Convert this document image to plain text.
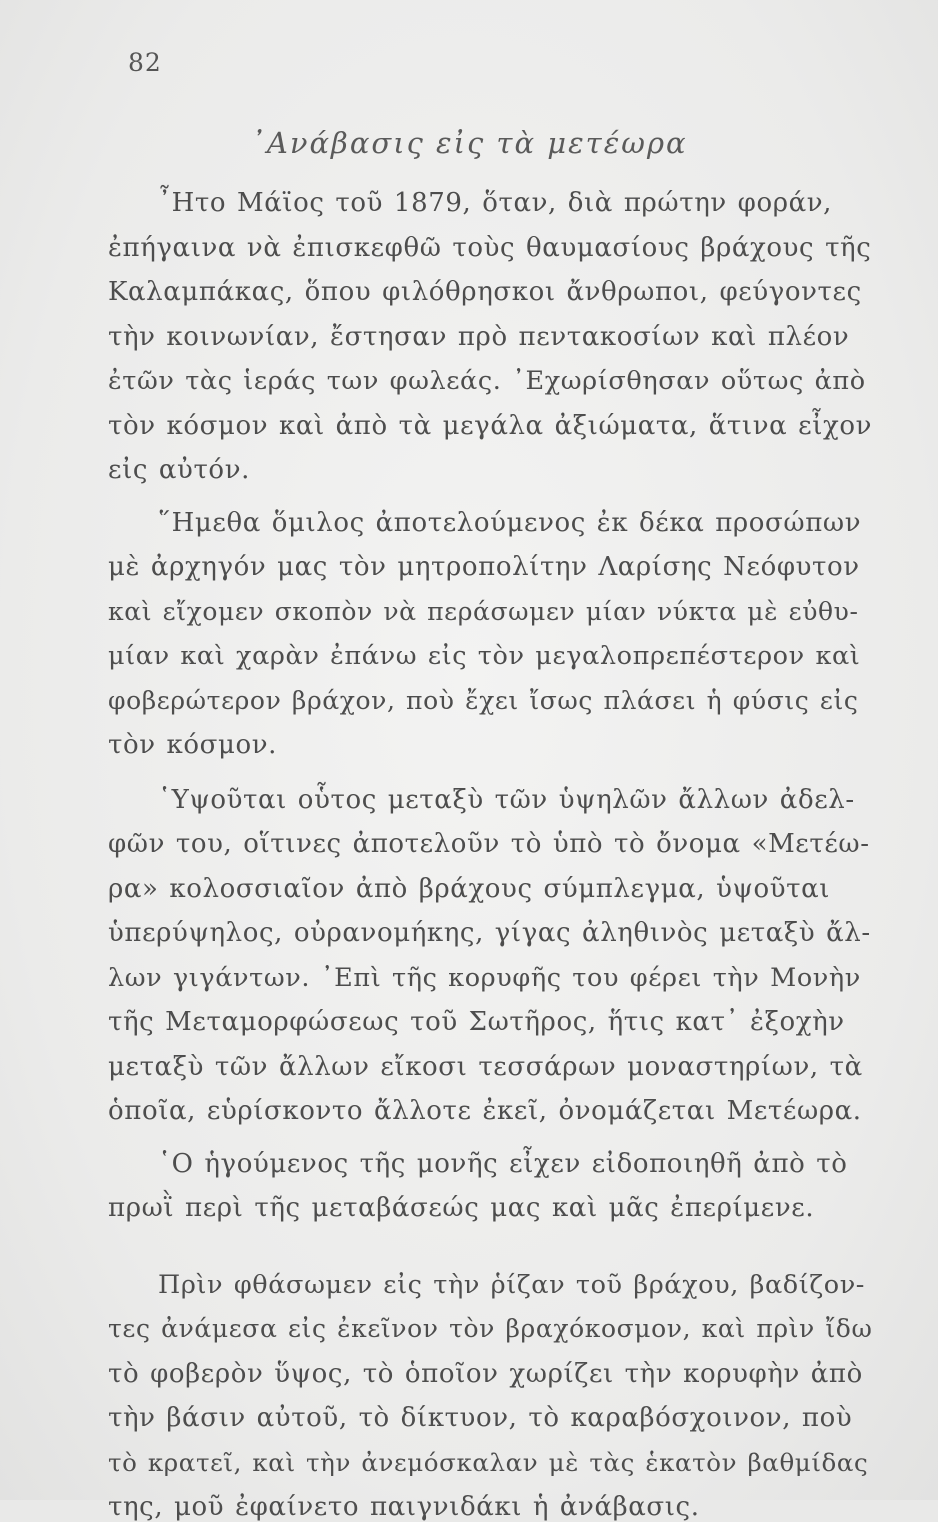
82
᾿Ανάβασις εἰς τὰ μετέωρα
῏Ητο Μάϊος τοῦ 1879, ὅταν, διὰ πρώτην φοράν,
ἐπήγαινα νὰ ἐπισκεφθῶ τοὺς θαυμασίους βράχους τῆς
Καλαμπάκας, ὅπου φιλόθρησκοι ἄνθρωποι, φεύγοντες
τὴν κοινωνίαν, ἔστησαν πρὸ πεντακοσίων καὶ πλέον
ἐτῶν τὰς ἱεράς των φωλεάς. ᾿Εχωρίσθησαν οὕτως ἀπὸ
τὸν κόσμον καὶ ἀπὸ τὰ μεγάλα ἀξιώματα, ἅτινα εἶχον
εἰς αὐτόν.
῞Ημεθα ὅμιλος ἀποτελούμενος ἐκ δέκα προσώπων
μὲ ἀρχηγόν μας τὸν μητροπολίτην Λαρίσης Νεόφυτον
καὶ εἴχομεν σκοπὸν νὰ περάσωμεν μίαν νύκτα μὲ εὐθυ-
μίαν καὶ χαρὰν ἐπάνω εἰς τὸν μεγαλοπρεπέστερον καὶ
φοβερώτερον βράχον, ποὺ ἔχει ἴσως πλάσει ἡ φύσις εἰς
τὸν κόσμον.
῾Υψοῦται οὗτος μεταξὺ τῶν ὑψηλῶν ἄλλων ἀδελ-
φῶν του, οἵτινες ἀποτελοῦν τὸ ὑπὸ τὸ ὄνομα «Μετέω-
ρα» κολοσσιαῖον ἀπὸ βράχους σύμπλεγμα, ὑψοῦται
ὑπερύψηλος, οὐρανομήκης, γίγας ἀληθινὸς μεταξὺ ἄλ-
λων γιγάντων. ᾿Επὶ τῆς κορυφῆς του φέρει τὴν Μονὴν
τῆς Μεταμορφώσεως τοῦ Σωτῆρος, ἥτις κατ᾿ ἐξοχὴν
μεταξὺ τῶν ἄλλων εἴκοσι τεσσάρων μοναστηρίων, τὰ
ὁποῖα, εὑρίσκοντο ἄλλοτε ἐκεῖ, ὀνομάζεται Μετέωρα.
῾Ο ἡγούμενος τῆς μονῆς εἶχεν εἰδοποιηθῆ ἀπὸ τὸ
πρωῒ περὶ τῆς μεταβάσεώς μας καὶ μᾶς ἐπερίμενε.
Πρὶν φθάσωμεν εἰς τὴν ῥίζαν τοῦ βράχου, βαδίζον-
τες ἀνάμεσα εἰς ἐκεῖνον τὸν βραχόκοσμον, καὶ πρὶν ἴδω
τὸ φοβερὸν ὕψος, τὸ ὁποῖον χωρίζει τὴν κορυφὴν ἀπὸ
τὴν βάσιν αὐτοῦ, τὸ δίκτυον, τὸ καραβόσχοινον, ποὺ
τὸ κρατεῖ, καὶ τὴν ἀνεμόσκαλαν μὲ τὰς ἑκατὸν βαθμίδας
της, μοῦ ἐφαίνετο παιγνιδάκι ἡ ἀνάβασις.
